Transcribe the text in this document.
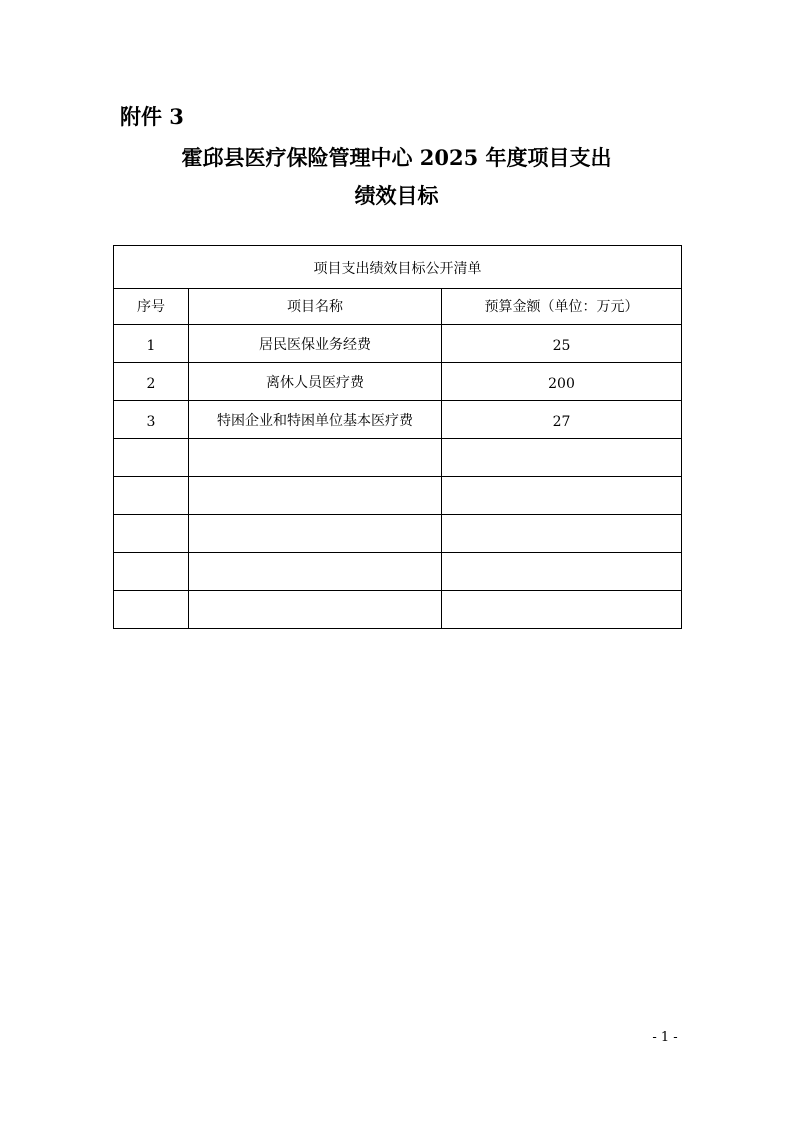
附件 3
霍邱县医疗保险管理中心 2025 年度项目支出
绩效目标
项目支出绩效目标公开清单		
序号	项目名称	预算金额（单位：万元）
1	居民医保业务经费	25
2	离休人员医疗费	200
3	特困企业和特困单位基本医疗费	27

- 1 -
